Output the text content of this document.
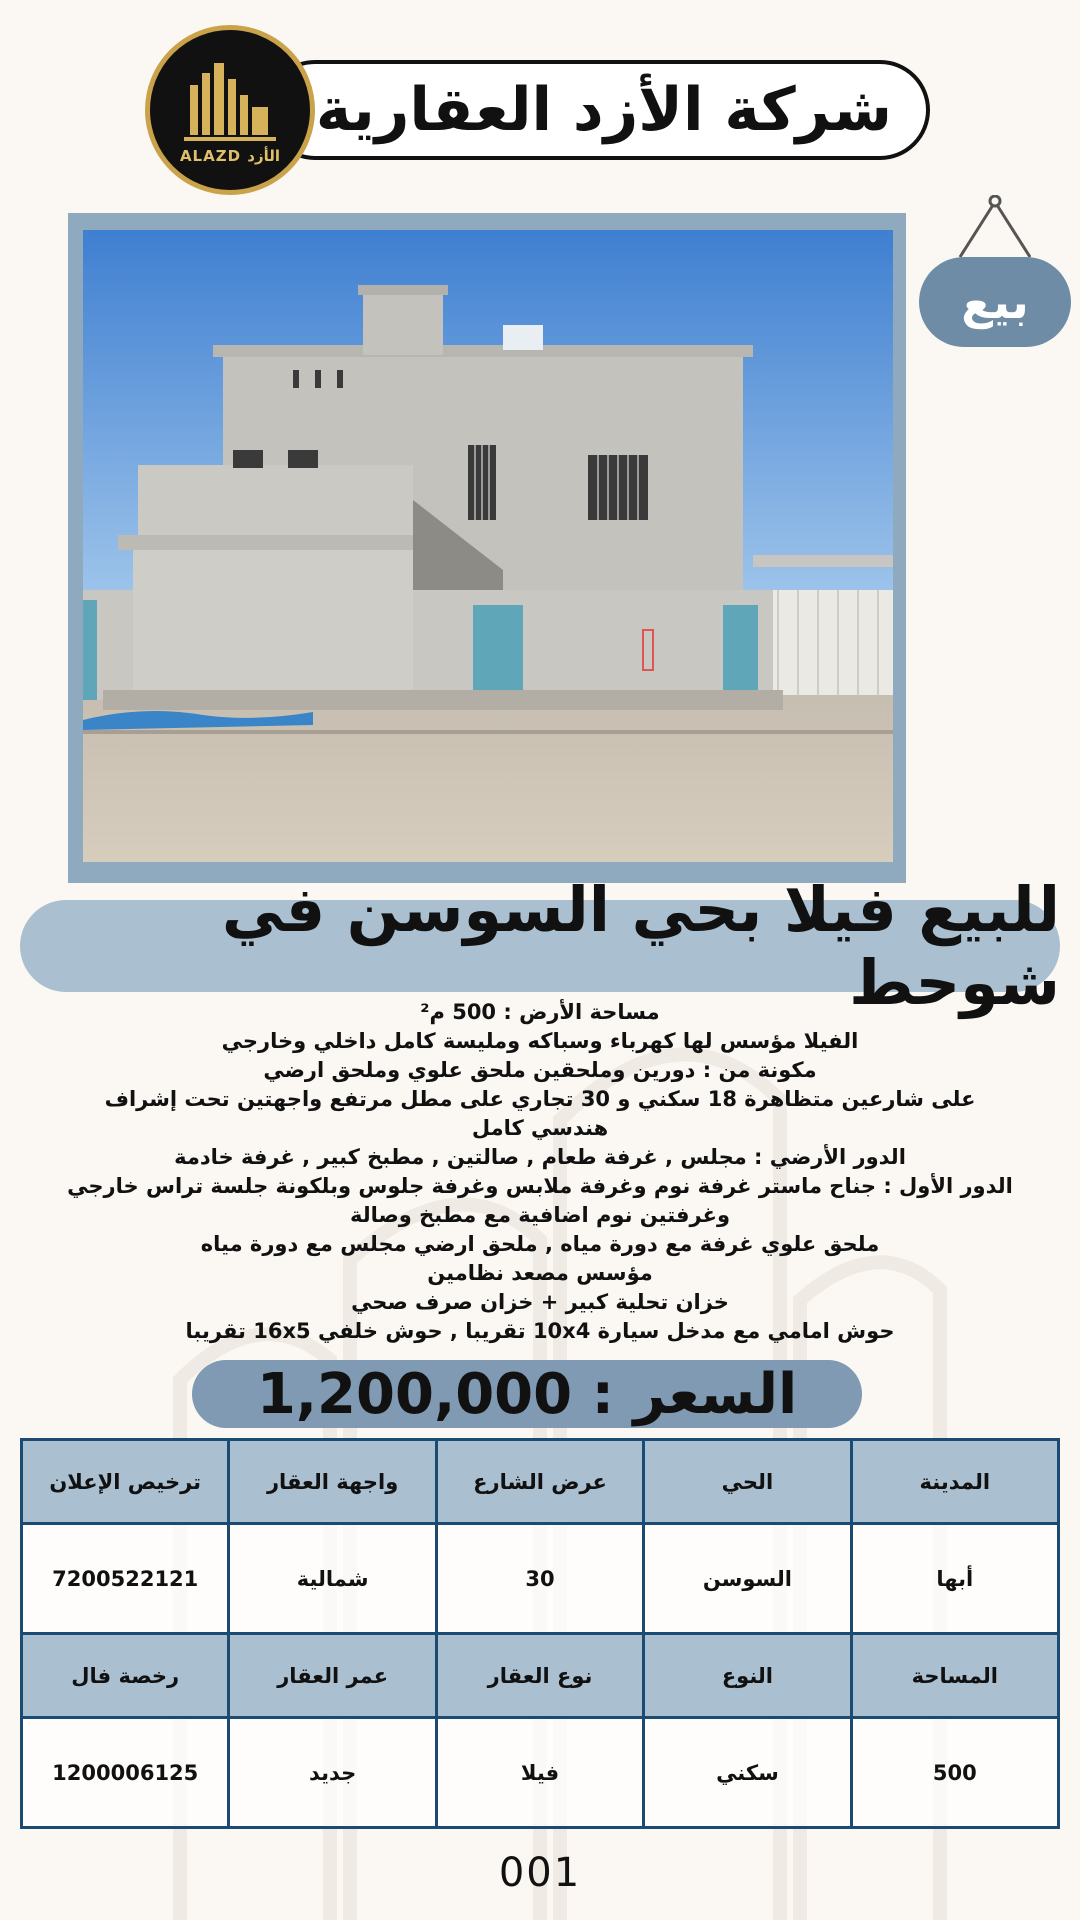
ALAZD الأزد
شركة الأزد العقارية
بيع
للبيع فيلا بحي السوسن في شوحط
مساحة الأرض : 500 م²
الفيلا مؤسس لها كهرباء وسباكه ومليسة كامل داخلي وخارجي
مكونة من : دورين وملحقين ملحق علوي وملحق ارضي
على شارعين متظاهرة 18 سكني و 30 تجاري على مطل مرتفع واجهتين تحت إشراف
هندسي كامل
الدور الأرضي : مجلس , غرفة طعام , صالتين , مطبخ كبير , غرفة خادمة
الدور الأول : جناح ماستر غرفة نوم وغرفة ملابس وغرفة جلوس وبلكونة جلسة تراس خارجي
وغرفتين نوم اضافية مع مطبخ وصالة
ملحق علوي غرفة مع دورة مياه , ملحق ارضي مجلس مع دورة مياه
مؤسس مصعد نظامين
خزان تحلية كبير + خزان صرف صحي
حوش امامي مع مدخل سيارة 10x4 تقريبا , حوش خلفي 16x5 تقريبا
السعر : 1,200,000
المدينة	الحي	عرض الشارع	واجهة العقار	ترخيص الإعلان
أبها	السوسن	30	شمالية	7200522121
المساحة	النوع	نوع العقار	عمر العقار	رخصة فال
500	سكني	فيلا	جديد	1200006125
001
